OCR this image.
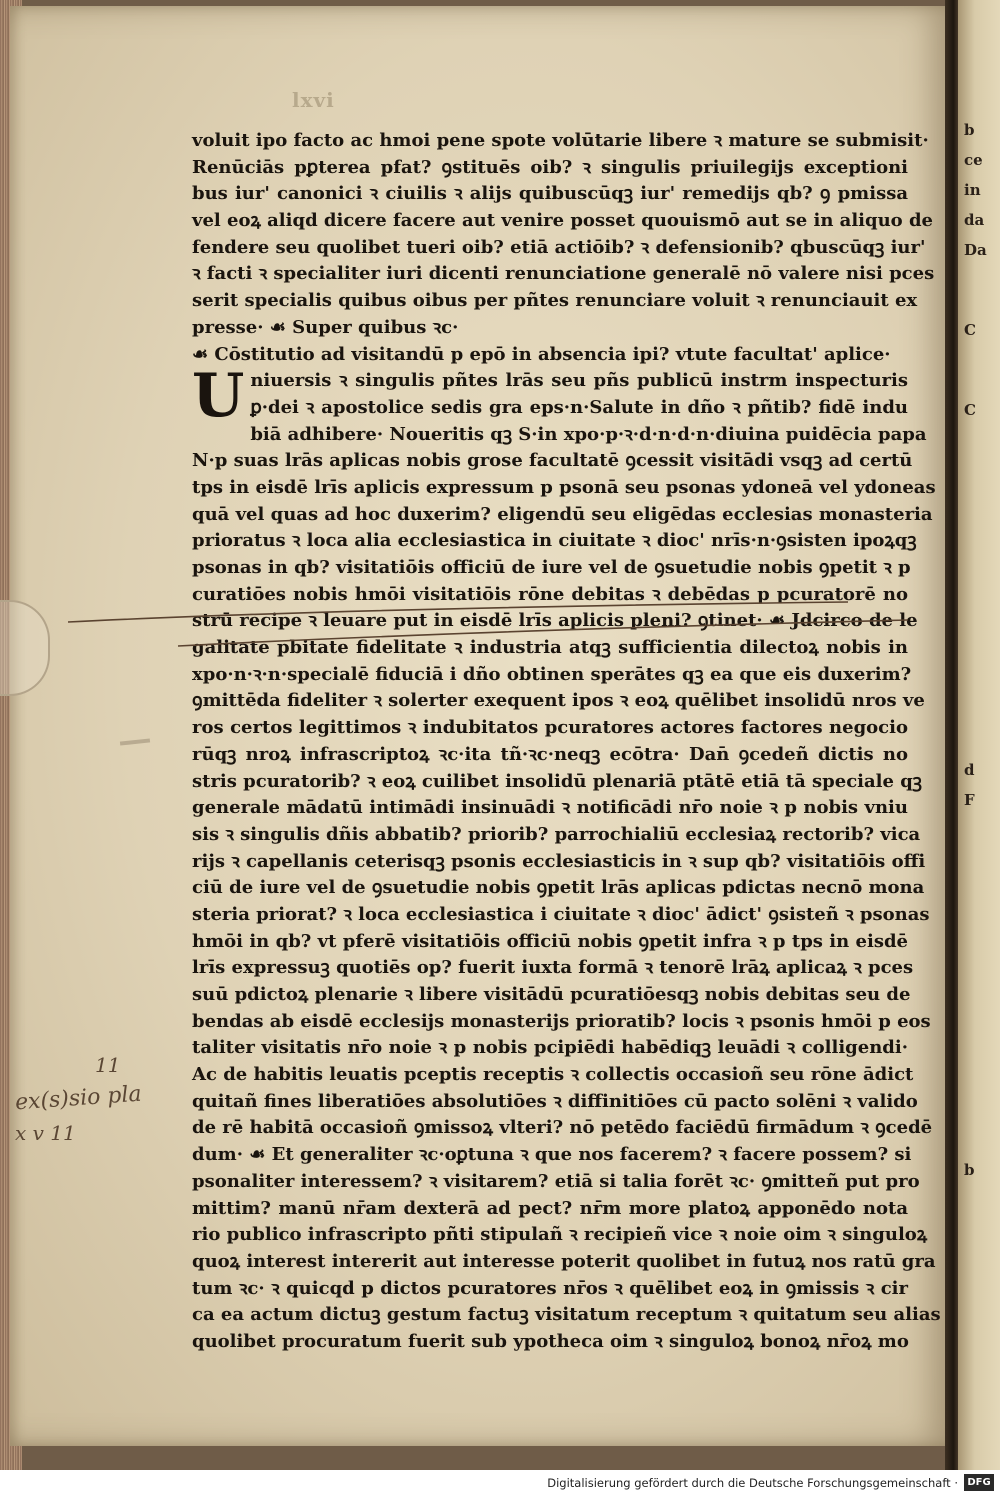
b
ce
in
da
Da
C
C
d
F
b
lxvi
voluit ipo facto ac hmoi pene spote volūtarie libere ꝛ mature se submisit·
Renūciās pꝑterea pfat? ꝯstituēs oib? ꝛ singulis priuilegijs exceptioni
bus iur' canonici ꝛ ciuilis ꝛ alijs quibuscūqꝫ iur' remedijs qb? ꝯ pmissa
vel eoꝝ aliqd dicere facere aut venire posset quouismō aut se in aliquo de
fendere seu quolibet tueri oib? etiā actiōib? ꝛ defensionib? qbuscūqꝫ iur'
ꝛ facti ꝛ specialiter iuri dicenti renunciatione generalē nō valere nisi pces
serit specialis quibus oibus per pñtes renunciare voluit ꝛ renunciauit ex
presse· ☙ Super quibus ꝛc·
☙ Cōstitutio ad visitandū p epō in absencia ipi? vtute facultat' aplice·
U niuersis ꝛ singulis pñtes lrās seu pñs publicū instrm inspecturis
ꝑ·dei ꝛ apostolice sedis gra eps·n·Salute in dño ꝛ pñtib? fidē indu
biā adhibere· Noueritis qꝫ S·in xpo·p·ꝛ·d·n·d·n·diuina puidēcia papa
N·p suas lrās aplicas nobis grose facultatē ꝯcessit visitādi vsqꝫ ad certū
tps in eisdē lrīs aplicis expressum p psonā seu psonas ydoneā vel ydoneas
quā vel quas ad hoc duxerim? eligendū seu eligēdas ecclesias monasteria
prioratus ꝛ loca alia ecclesiastica in ciuitate ꝛ dioc' nrīs·n·ꝯsisten ipoꝝqꝫ
psonas in qb? visitatiōis officiū de iure vel de ꝯsuetudie nobis ꝯpetit ꝛ p
curatiōes nobis hmōi visitatiōis rōne debitas ꝛ debēdas p pcuratorē no
strū recipe ꝛ leuare put in eisdē lrīs aplicis pleni? ꝯtinet· ☙ Jdcirco de le
galitate pbitate fidelitate ꝛ industria atqꝫ sufficientia dilectoꝝ nobis in
xpo·n·ꝛ·n·specialē fiduciā i dño obtinen sperātes qꝫ ea que eis duxerim?
ꝯmittēda fideliter ꝛ solerter exequent ipos ꝛ eoꝝ quēlibet insolidū nros ve
ros certos legittimos ꝛ indubitatos pcuratores actores factores negocio
rūqꝫ nroꝝ infrascriptoꝝ ꝛc·ita tñ·ꝛc·neqꝫ ecōtra· Dan̄ ꝯcedeñ dictis no
stris pcuratorib? ꝛ eoꝝ cuilibet insolidū plenariā ptātē etiā tā speciale qꝫ
generale mādatū intimādi insinuādi ꝛ notificādi nr̄o noie ꝛ p nobis vniu
sis ꝛ singulis dñis abbatib? priorib? parrochialiū ecclesiaꝝ rectorib? vica
rijs ꝛ capellanis ceterisqꝫ psonis ecclesiasticis in ꝛ sup qb? visitatiōis offi
ciū de iure vel de ꝯsuetudie nobis ꝯpetit lrās aplicas pdictas necnō mona
steria priorat? ꝛ loca ecclesiastica i ciuitate ꝛ dioc' ādict' ꝯsisteñ ꝛ psonas
hmōi in qb? vt pferē visitatiōis officiū nobis ꝯpetit infra ꝛ p tps in eisdē
lrīs expressuꝫ quotiēs op? fuerit iuxta formā ꝛ tenorē lrāꝝ aplicaꝝ ꝛ pces
suū pdictoꝝ plenarie ꝛ libere visitādū pcuratiōesqꝫ nobis debitas seu de
bendas ab eisdē ecclesijs monasterijs prioratib? locis ꝛ psonis hmōi p eos
taliter visitatis nr̄o noie ꝛ p nobis pcipiēdi habēdiqꝫ leuādi ꝛ colligendi·
Ac de habitis leuatis pceptis receptis ꝛ collectis occasioñ seu rōne ādict
quitañ fines liberatiōes absolutiōes ꝛ diffinitiōes cū pacto solēni ꝛ valido
de rē habitā occasioñ ꝯmissoꝝ vlteri? nō petēdo faciēdū firmādum ꝛ ꝯcedē
dum· ☙ Et generaliter ꝛc·oꝑtuna ꝛ que nos facerem? ꝛ facere possem? si
psonaliter interessem? ꝛ visitarem? etiā si talia forēt ꝛc· ꝯmitteñ put pro
mittim? manū nr̄am dexterā ad pect? nr̄m more platoꝝ apponēdo nota
rio publico infrascripto pñti stipulañ ꝛ recipieñ vice ꝛ noie oim ꝛ singuloꝝ
quoꝝ interest intererit aut interesse poterit quolibet in futuꝝ nos ratū gra
tum ꝛc· ꝛ quicqd p dictos pcuratores nr̄os ꝛ quēlibet eoꝝ in ꝯmissis ꝛ cir
ca ea actum dictuꝫ gestum factuꝫ visitatum receptum ꝛ quitatum seu alias
quolibet procuratum fuerit sub ypotheca oim ꝛ singuloꝝ bonoꝝ nr̄oꝝ mo
11
ex(s)sio pla
x v 11
Digitalisierung gefördert durch die Deutsche Forschungsgemeinschaft · DFG
